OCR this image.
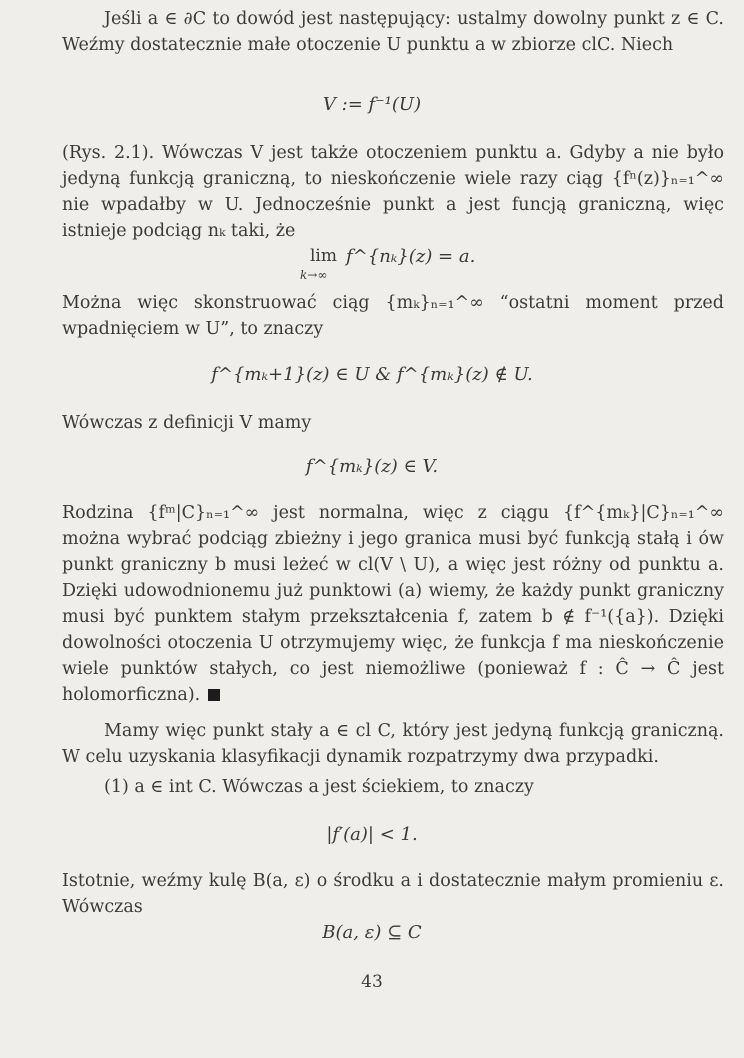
Jeśli a ∈ ∂C to dowód jest następujący: ustalmy dowolny punkt z ∈ C. Weźmy dostatecznie małe otoczenie U punktu a w zbiorze clC. Niech

V := f⁻¹(U)

(Rys. 2.1). Wówczas V jest także otoczeniem punktu a. Gdyby a nie było jedyną funkcją graniczną, to nieskończenie wiele razy ciąg {fⁿ(z)}ₙ₌₁^∞ nie wpadałby w U. Jednocześnie punkt a jest funcją graniczną, więc istnieje podciąg nₖ taki, że

lim
k→∞
f^{nₖ}(z) = a.

Można więc skonstruować ciąg {mₖ}ₙ₌₁^∞ “ostatni moment przed wpadnięciem w U”, to znaczy

f^{mₖ+1}(z) ∈ U & f^{mₖ}(z) ∉ U.

Wówczas z definicji V mamy

f^{mₖ}(z) ∈ V.

Rodzina {fᵐ|C}ₙ₌₁^∞ jest normalna, więc z ciągu {f^{mₖ}|C}ₙ₌₁^∞ można wybrać podciąg zbieżny i jego granica musi być funkcją stałą i ów punkt graniczny b musi leżeć w cl(V \ U), a więc jest różny od punktu a. Dzięki udowodnionemu już punktowi (a) wiemy, że każdy punkt graniczny musi być punktem stałym przekształcenia f, zatem b ∉ f⁻¹({a}). Dzięki dowolności otoczenia U otrzymujemy więc, że funkcja f ma nieskończenie wiele punktów stałych, co jest niemożliwe (ponieważ f : Ĉ → Ĉ jest holomorficzna).

Mamy więc punkt stały a ∈ cl C, który jest jedyną funkcją graniczną. W celu uzyskania klasyfikacji dynamik rozpatrzymy dwa przypadki.

(1) a ∈ int C. Wówczas a jest ściekiem, to znaczy

|f′(a)| < 1.

Istotnie, weźmy kulę B(a, ε) o środku a i dostatecznie małym promieniu ε. Wówczas

B(a, ε) ⊆ C

43
